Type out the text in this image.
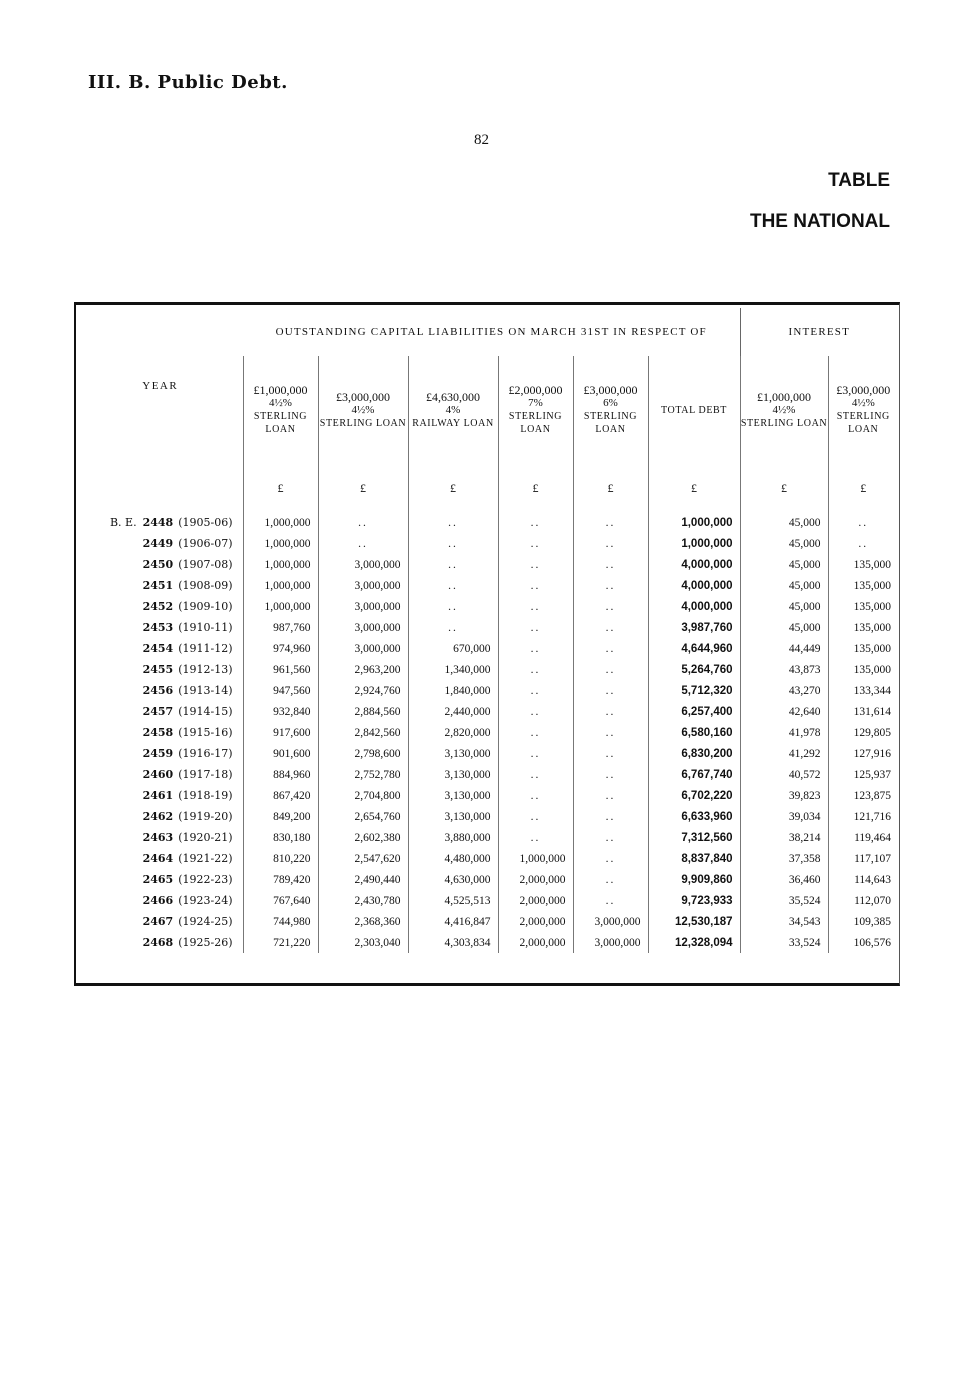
III. B. Public Debt.
82
TABLE
THE NATIONAL
YEAR	OUTSTANDING CAPITAL LIABILITIES ON MARCH 31ST IN RESPECT OF						INTEREST	

	£1,000,000
4½%
STERLING LOAN	£3,000,000
4½%
STERLING LOAN	£4,630,000
4%
RAILWAY LOAN	£2,000,000
7%
STERLING LOAN	£3,000,000
6%
STERLING LOAN	TOTAL DEBT	£1,000,000
4½%
STERLING LOAN	£3,000,000
4½%
STERLING LOAN

	£	£	£	£	£	£	£	£
B. E. 2448 (1905-06)	1,000,000	..	..	..	..	1,000,000	45,000	..
2449 (1906-07)	1,000,000	..	..	..	..	1,000,000	45,000	..
2450 (1907-08)	1,000,000	3,000,000	..	..	..	4,000,000	45,000	135,000
2451 (1908-09)	1,000,000	3,000,000	..	..	..	4,000,000	45,000	135,000
2452 (1909-10)	1,000,000	3,000,000	..	..	..	4,000,000	45,000	135,000
2453 (1910-11)	987,760	3,000,000	..	..	..	3,987,760	45,000	135,000
2454 (1911-12)	974,960	3,000,000	670,000	..	..	4,644,960	44,449	135,000
2455 (1912-13)	961,560	2,963,200	1,340,000	..	..	5,264,760	43,873	135,000
2456 (1913-14)	947,560	2,924,760	1,840,000	..	..	5,712,320	43,270	133,344
2457 (1914-15)	932,840	2,884,560	2,440,000	..	..	6,257,400	42,640	131,614
2458 (1915-16)	917,600	2,842,560	2,820,000	..	..	6,580,160	41,978	129,805
2459 (1916-17)	901,600	2,798,600	3,130,000	..	..	6,830,200	41,292	127,916
2460 (1917-18)	884,960	2,752,780	3,130,000	..	..	6,767,740	40,572	125,937
2461 (1918-19)	867,420	2,704,800	3,130,000	..	..	6,702,220	39,823	123,875
2462 (1919-20)	849,200	2,654,760	3,130,000	..	..	6,633,960	39,034	121,716
2463 (1920-21)	830,180	2,602,380	3,880,000	..	..	7,312,560	38,214	119,464
2464 (1921-22)	810,220	2,547,620	4,480,000	1,000,000	..	8,837,840	37,358	117,107
2465 (1922-23)	789,420	2,490,440	4,630,000	2,000,000	..	9,909,860	36,460	114,643
2466 (1923-24)	767,640	2,430,780	4,525,513	2,000,000	..	9,723,933	35,524	112,070
2467 (1924-25)	744,980	2,368,360	4,416,847	2,000,000	3,000,000	12,530,187	34,543	109,385
2468 (1925-26)	721,220	2,303,040	4,303,834	2,000,000	3,000,000	12,328,094	33,524	106,576
